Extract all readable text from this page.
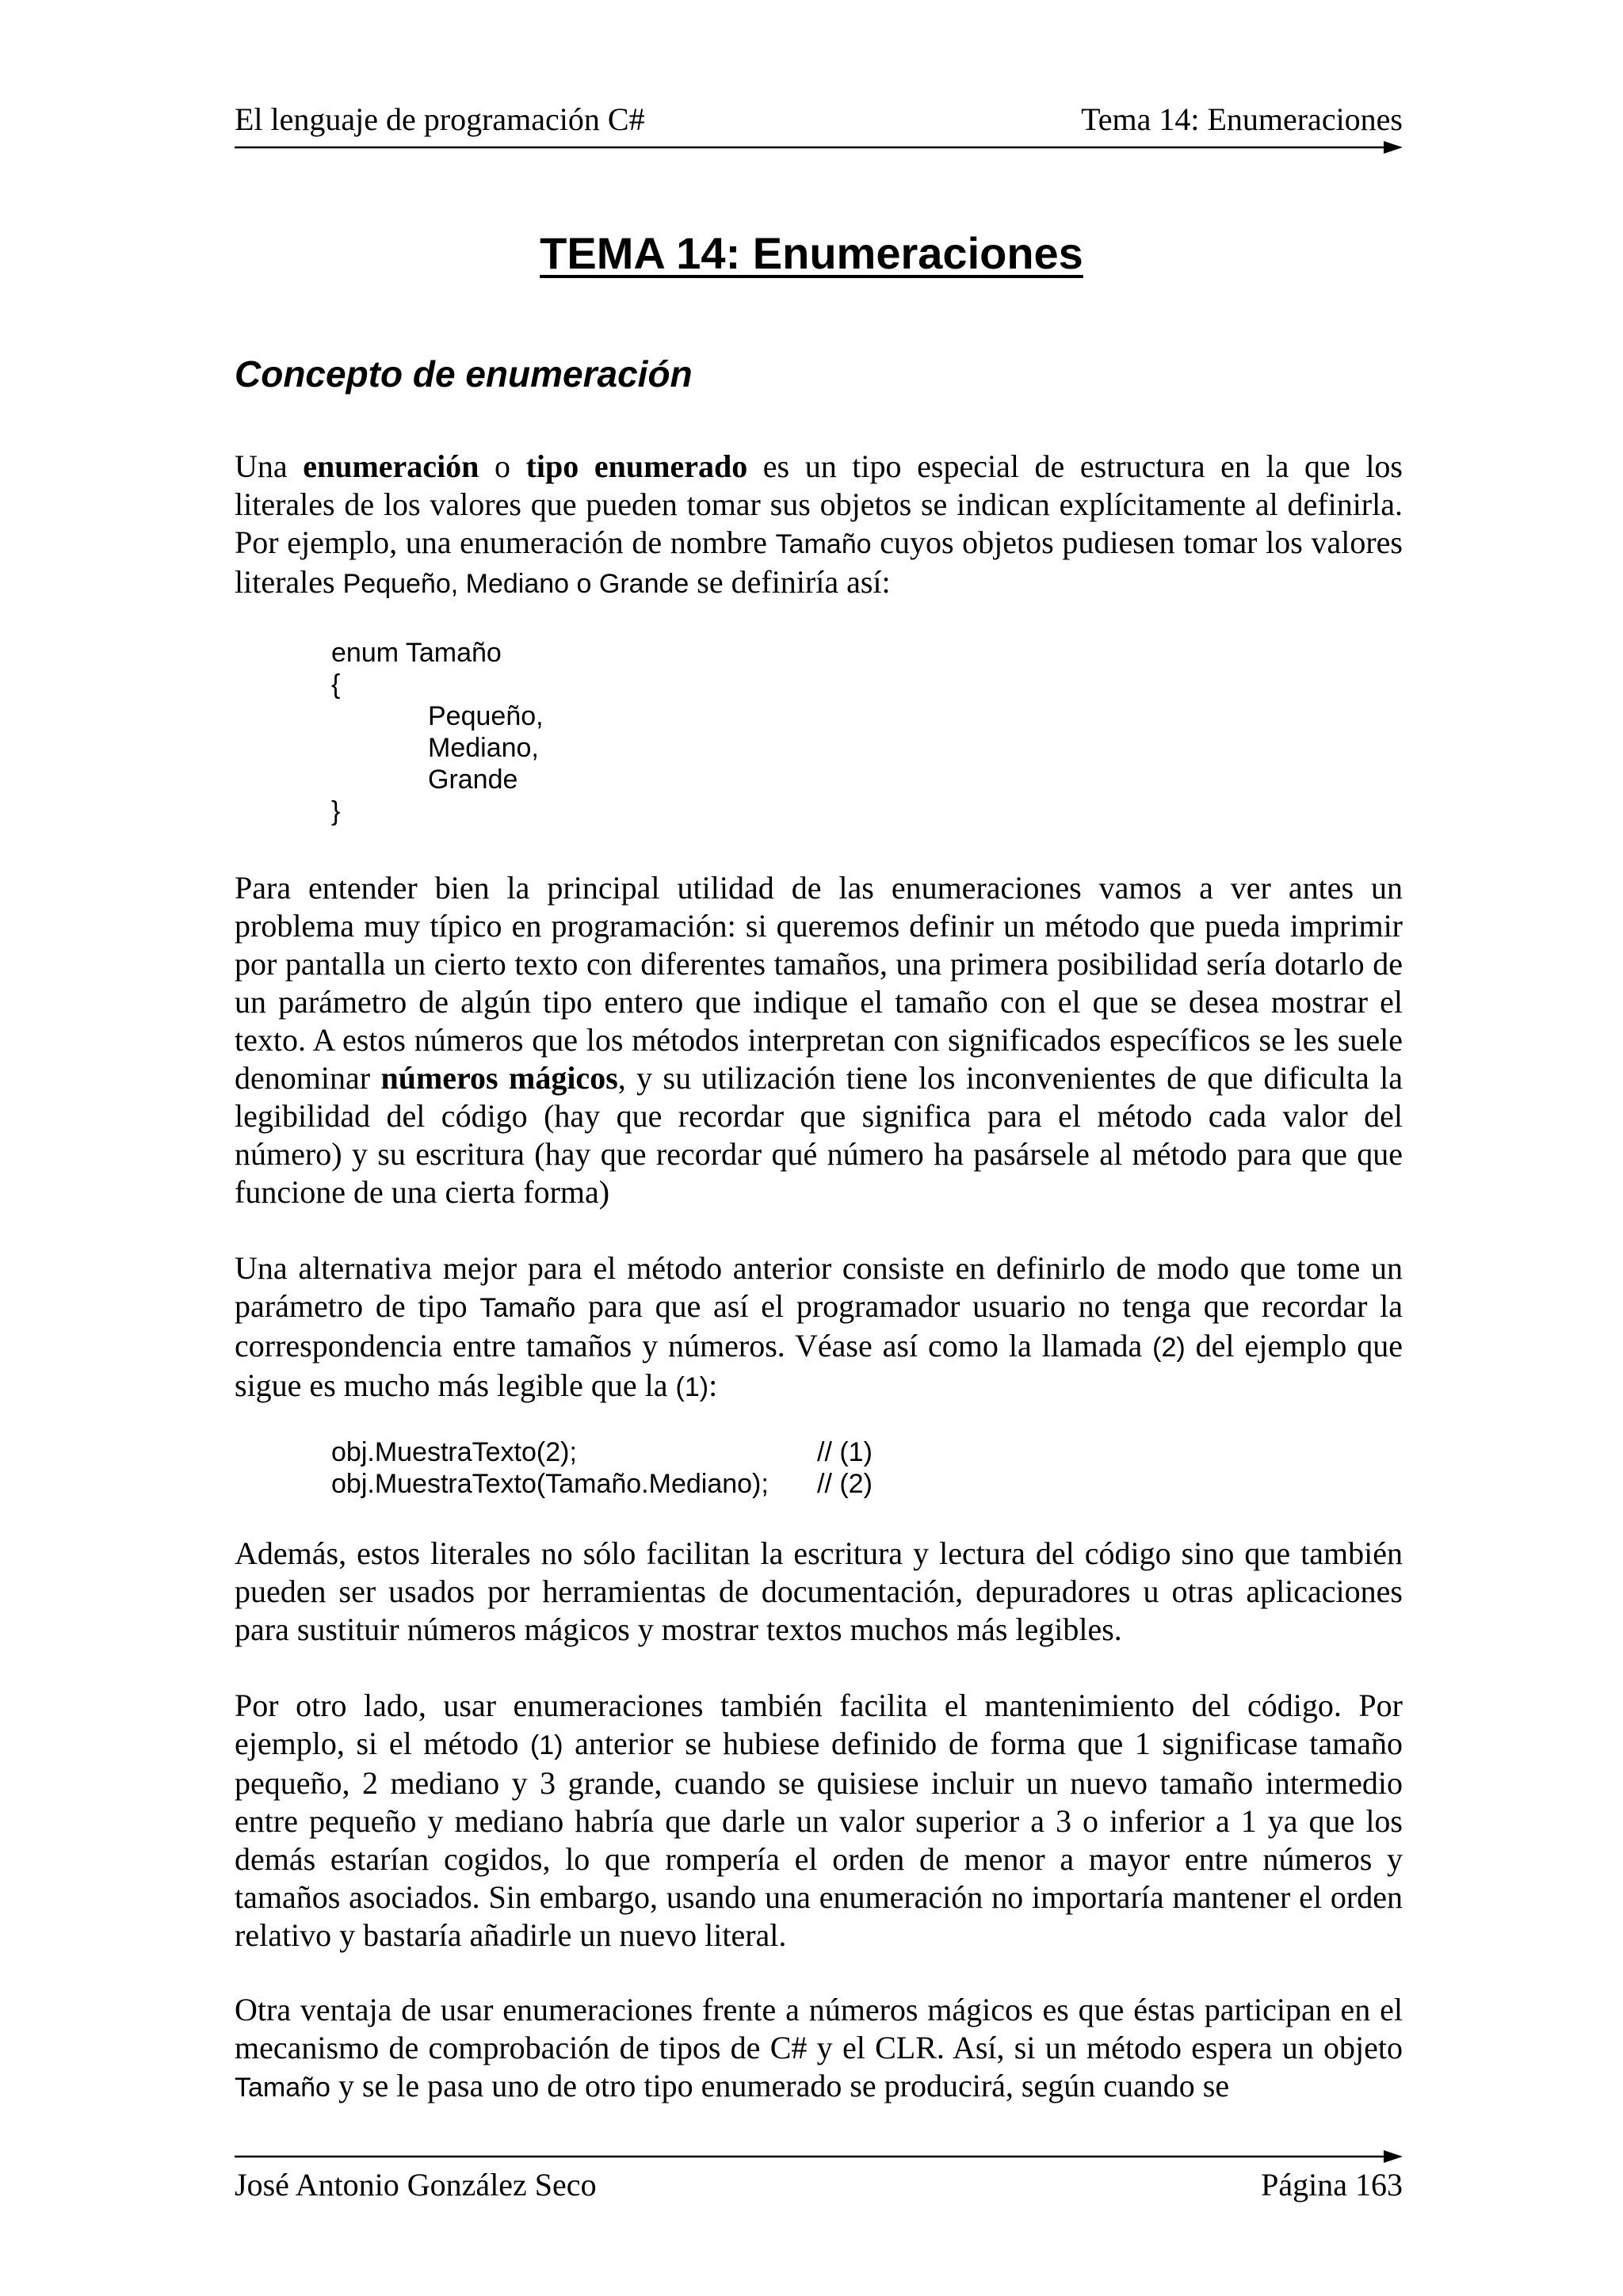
El lenguaje de programación C#	Tema 14: Enumeraciones
TEMA 14: Enumeraciones
Concepto de enumeración
Una enumeración o tipo enumerado es un tipo especial de estructura en la que los literales de los valores que pueden tomar sus objetos se indican explícitamente al definirla. Por ejemplo, una enumeración de nombre Tamaño cuyos objetos pudiesen tomar los valores literales Pequeño, Mediano o Grande se definiría así:
enum Tamaño
{
Pequeño,
Mediano,
Grande
}
Para entender bien la principal utilidad de las enumeraciones vamos a ver antes un problema muy típico en programación: si queremos definir un método que pueda imprimir por pantalla un cierto texto con diferentes tamaños, una primera posibilidad sería dotarlo de un parámetro de algún tipo entero que indique el tamaño con el que se desea mostrar el texto. A estos números que los métodos interpretan con significados específicos se les suele denominar números mágicos, y su utilización tiene los inconvenientes de que dificulta la legibilidad del código (hay que recordar que significa para el método cada valor del número) y su escritura (hay que recordar qué número ha pasársele al método para que que funcione de una cierta forma)
Una alternativa mejor para el método anterior consiste en definirlo de modo que tome un parámetro de tipo Tamaño para que así el programador usuario no tenga que recordar la correspondencia entre tamaños y números. Véase así como la llamada (2) del ejemplo que sigue es mucho más legible que la (1):
obj.MuestraTexto(2);	// (1)
obj.MuestraTexto(Tamaño.Mediano); // (2)
Además, estos literales no sólo facilitan la escritura y lectura del código sino que también pueden ser usados por herramientas de documentación, depuradores u otras aplicaciones para sustituir números mágicos y mostrar textos muchos más legibles.
Por otro lado, usar enumeraciones también facilita el mantenimiento del código. Por ejemplo, si el método (1) anterior se hubiese definido de forma que 1 significase tamaño pequeño, 2 mediano y 3 grande, cuando se quisiese incluir un nuevo tamaño intermedio entre pequeño y mediano habría que darle un valor superior a 3 o inferior a 1 ya que los demás estarían cogidos, lo que rompería el orden de menor a mayor entre números y tamaños asociados. Sin embargo, usando una enumeración no importaría mantener el orden relativo y bastaría añadirle un nuevo literal.
Otra ventaja de usar enumeraciones frente a números mágicos es que éstas participan en el mecanismo de comprobación de tipos de C# y el CLR. Así, si un método espera un objeto Tamaño y se le pasa uno de otro tipo enumerado se producirá, según cuando se
José Antonio González Seco	Página 163
